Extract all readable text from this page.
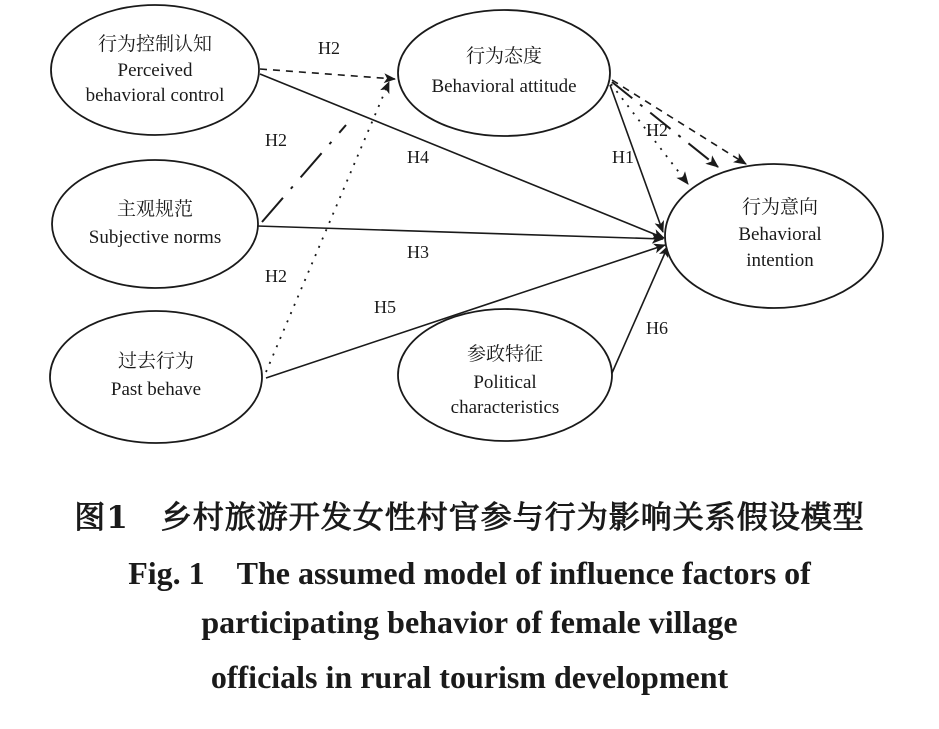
行为控制认知
Perceived
behavioral control
行为态度
Behavioral attitude
主观规范
Subjective norms
过去行为
Past behave
参政特征
Political
characteristics
行为意向
Behavioral
intention
H2
H2
H2
H2
H1
H4
H3
H5
H6
图1　乡村旅游开发女性村官参与行为影响关系假设模型
Fig. 1　The assumed model of influence factors of
participating behavior of female village
officials in rural tourism development
